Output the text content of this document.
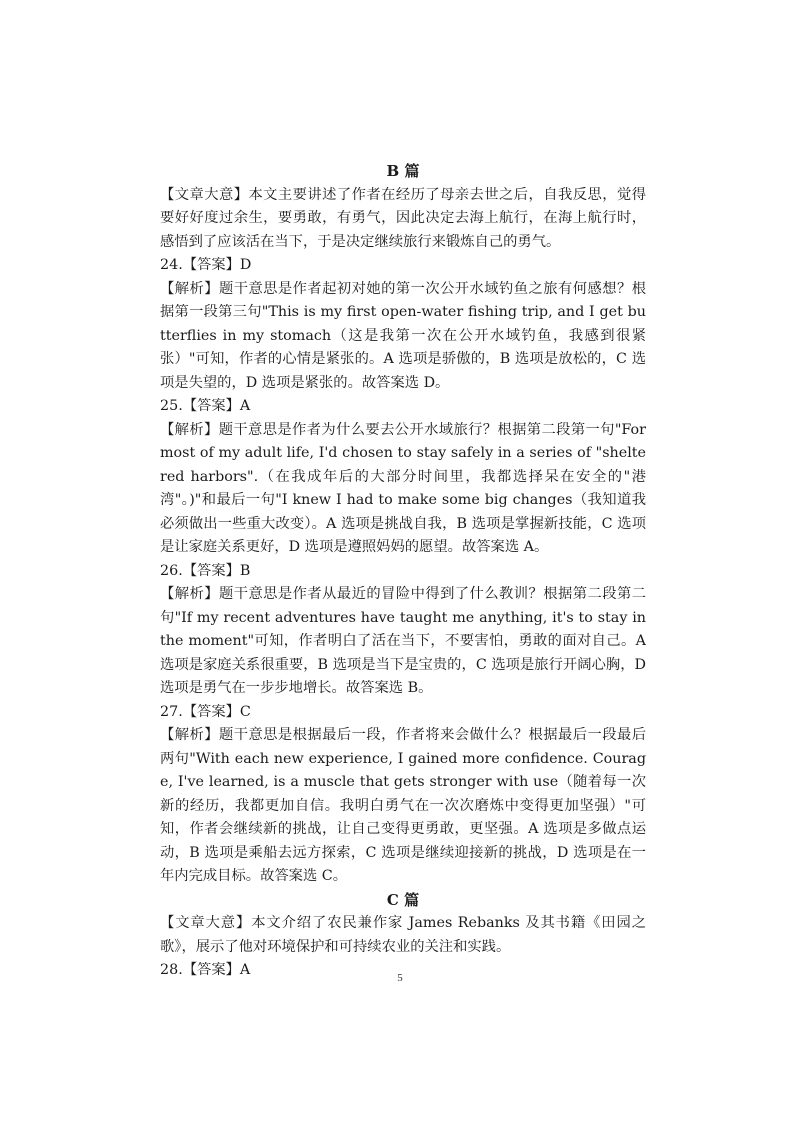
B 篇

【文章大意】本文主要讲述了作者在经历了母亲去世之后，自我反思，觉得要好好度过余生，要勇敢，有勇气，因此决定去海上航行，在海上航行时，感悟到了应该活在当下，于是决定继续旅行来锻炼自己的勇气。

24.【答案】D

【解析】题干意思是作者起初对她的第一次公开水域钓鱼之旅有何感想？根据第一段第三句"This is my first open-water fishing trip, and I get butterflies in my stomach（这是我第一次在公开水域钓鱼，我感到很紧张）"可知，作者的心情是紧张的。A 选项是骄傲的，B 选项是放松的，C 选项是失望的，D 选项是紧张的。故答案选 D。

25.【答案】A

【解析】题干意思是作者为什么要去公开水域旅行？根据第二段第一句"For most of my adult life, I'd chosen to stay safely in a series of "sheltered harbors".（在我成年后的大部分时间里，我都选择呆在安全的"港湾"。)"和最后一句"I knew I had to make some big changes（我知道我必须做出一些重大改变）。A 选项是挑战自我，B 选项是掌握新技能，C 选项是让家庭关系更好，D 选项是遵照妈妈的愿望。故答案选 A。

26.【答案】B

【解析】题干意思是作者从最近的冒险中得到了什么教训？根据第二段第二句"If my recent adventures have taught me anything, it's to stay in the moment"可知，作者明白了活在当下，不要害怕，勇敢的面对自己。A 选项是家庭关系很重要，B 选项是当下是宝贵的，C 选项是旅行开阔心胸，D 选项是勇气在一步步地增长。故答案选 B。

27.【答案】C

【解析】题干意思是根据最后一段，作者将来会做什么？根据最后一段最后两句"With each new experience, I gained more confidence. Courage, I've learned, is a muscle that gets stronger with use（随着每一次新的经历，我都更加自信。我明白勇气在一次次磨炼中变得更加坚强）"可知，作者会继续新的挑战，让自己变得更勇敢，更坚强。A 选项是多做点运动，B 选项是乘船去远方探索，C 选项是继续迎接新的挑战，D 选项是在一年内完成目标。故答案选 C。

C 篇

【文章大意】本文介绍了农民兼作家 James Rebanks 及其书籍《田园之歌》，展示了他对环境保护和可持续农业的关注和实践。

28.【答案】A	5
